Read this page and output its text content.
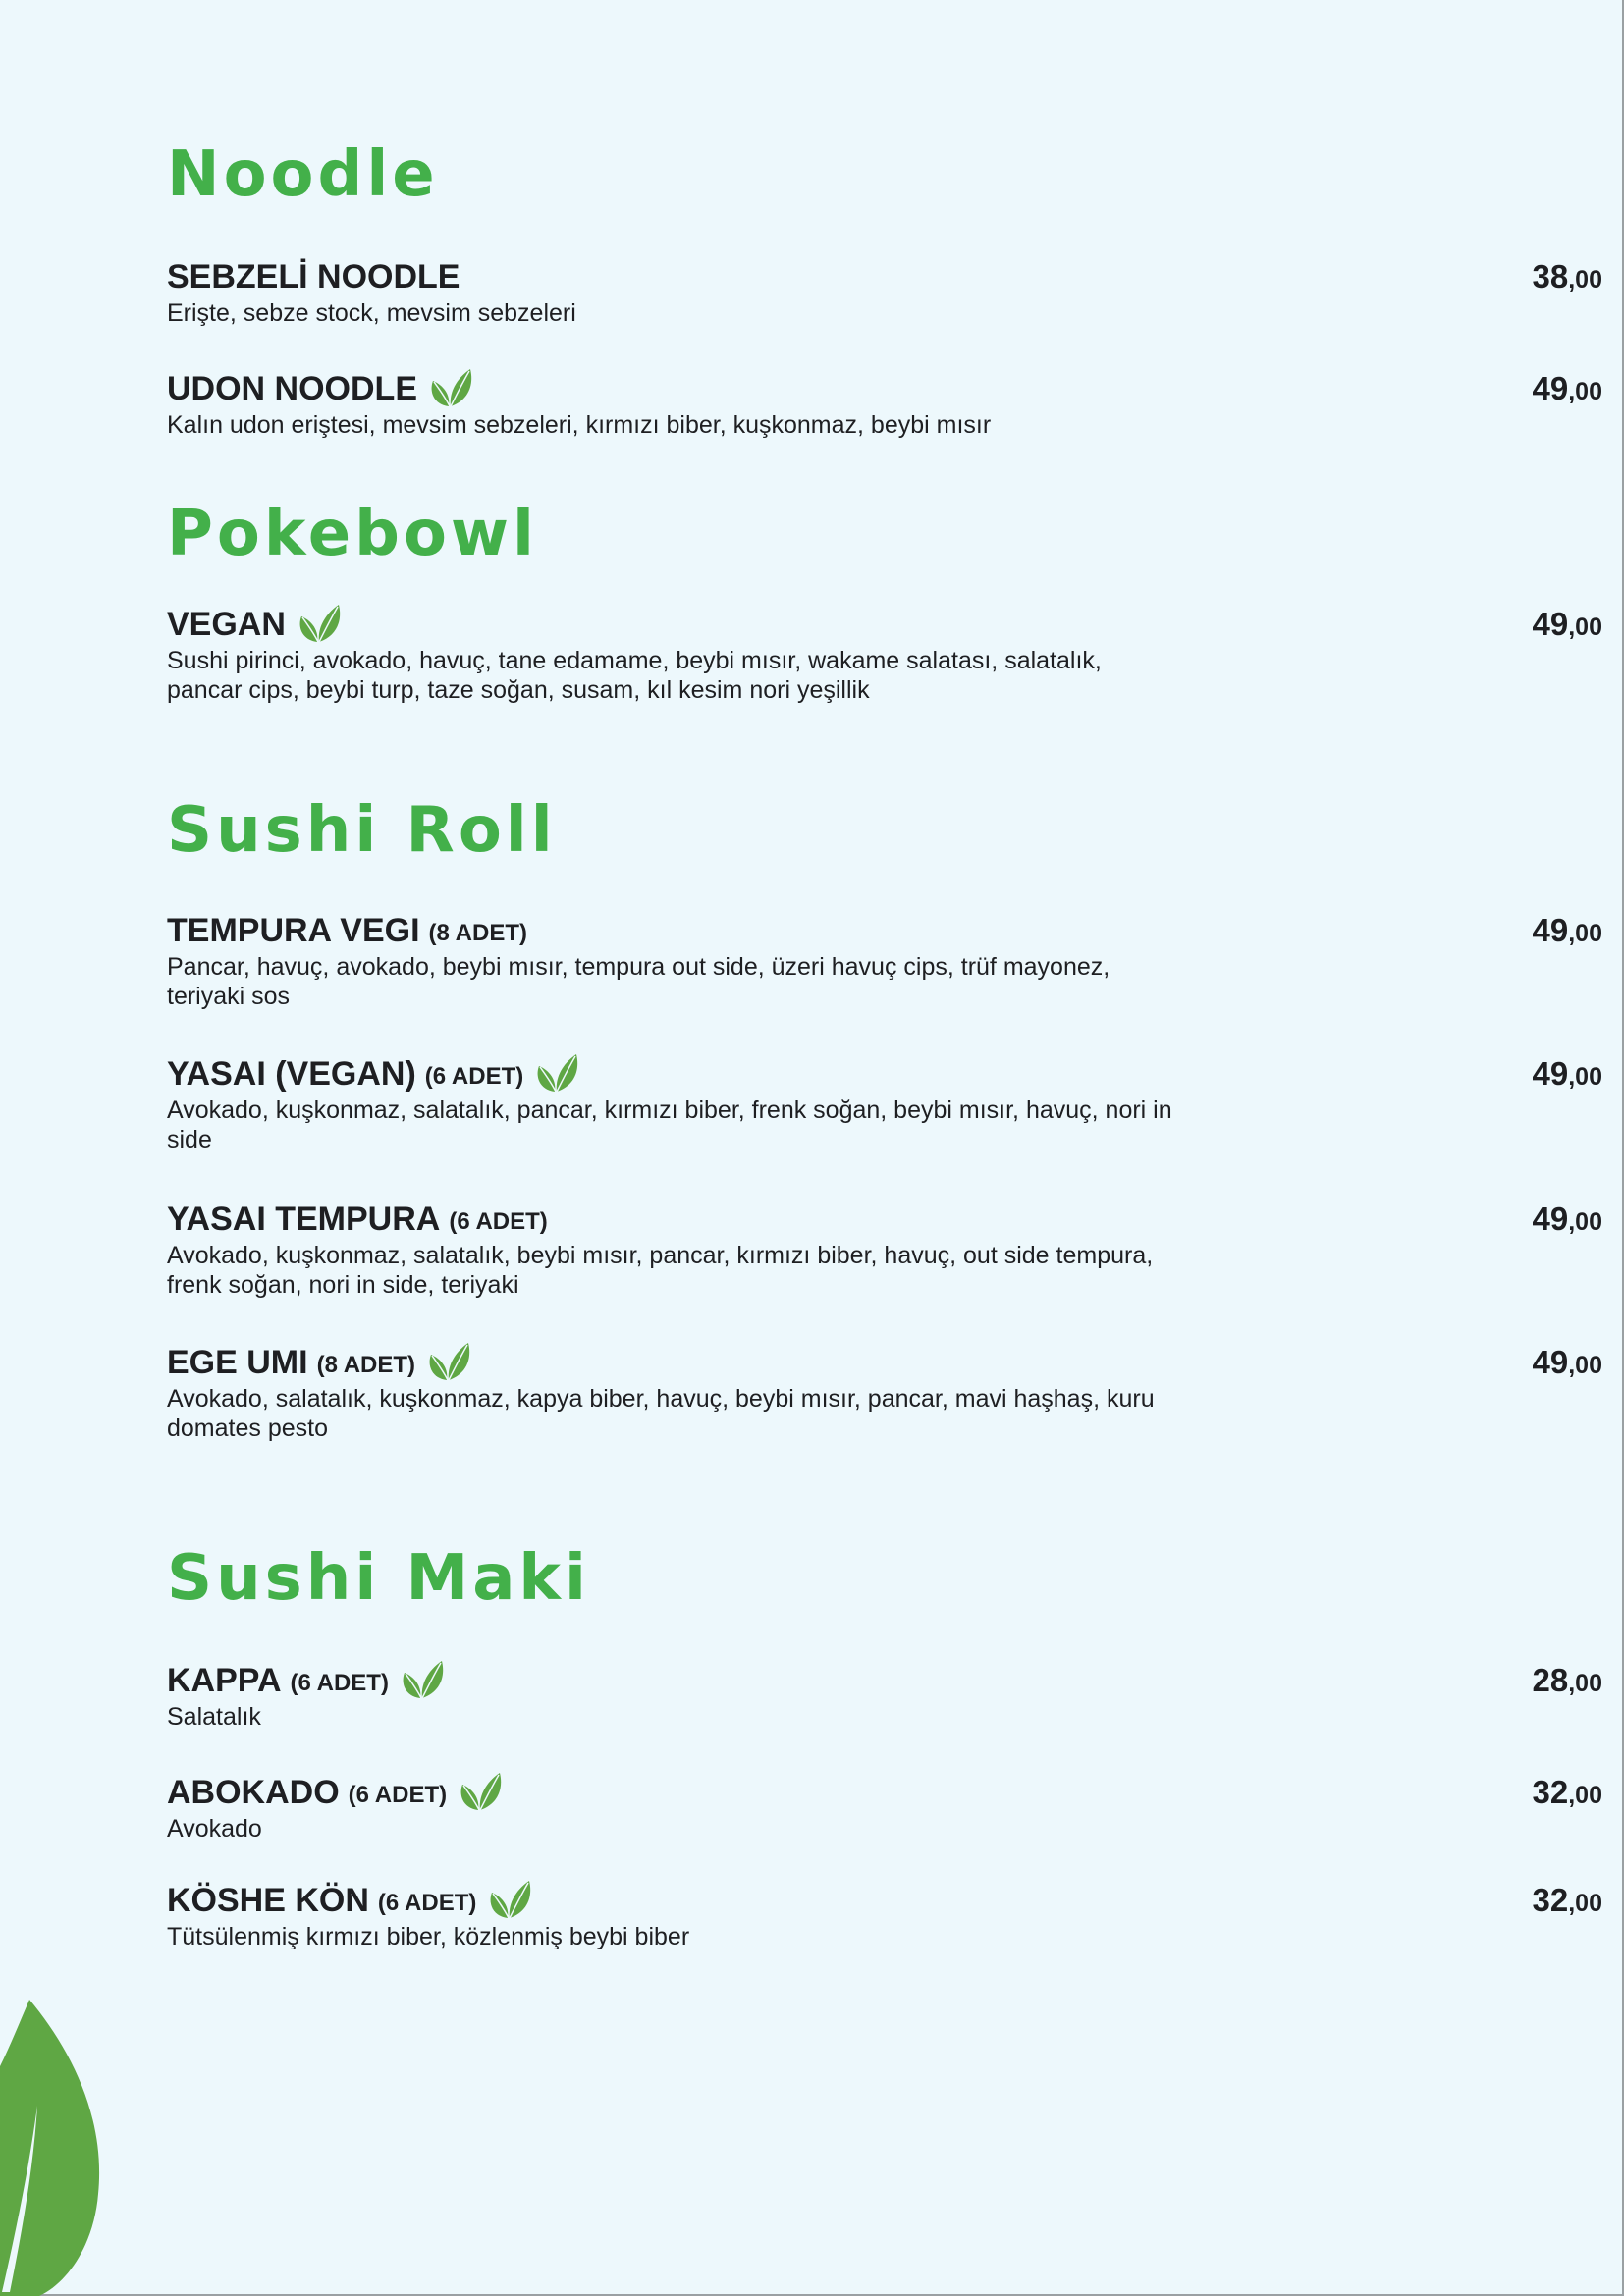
Noodle
SEBZELİ NOODLE
Erişte, sebze stock, mevsim sebzeleri
38,00
UDON NOODLE
Kalın udon eriştesi, mevsim sebzeleri, kırmızı biber, kuşkonmaz, beybi mısır
49,00
Pokebowl
VEGAN
Sushi pirinci, avokado, havuç, tane edamame, beybi mısır, wakame salatası, salatalık, pancar cips, beybi turp, taze soğan, susam, kıl kesim nori yeşillik
49,00
Sushi Roll
TEMPURA VEGI (8 ADET)
Pancar, havuç, avokado, beybi mısır, tempura out side, üzeri havuç cips, trüf mayonez, teriyaki sos
49,00
YASAI (VEGAN) (6 ADET)
Avokado, kuşkonmaz, salatalık, pancar, kırmızı biber, frenk soğan, beybi mısır, havuç, nori in side
49,00
YASAI TEMPURA (6 ADET)
Avokado, kuşkonmaz, salatalık, beybi mısır, pancar, kırmızı biber, havuç, out side tempura, frenk soğan, nori in side, teriyaki
49,00
EGE UMI (8 ADET)
Avokado, salatalık, kuşkonmaz, kapya biber, havuç, beybi mısır, pancar, mavi haşhaş, kuru domates pesto
49,00
Sushi Maki
KAPPA (6 ADET)
Salatalık
28,00
ABOKADO (6 ADET)
Avokado
32,00
KÖSHE KÖN (6 ADET)
Tütsülenmiş kırmızı biber, közlenmiş beybi biber
32,00
